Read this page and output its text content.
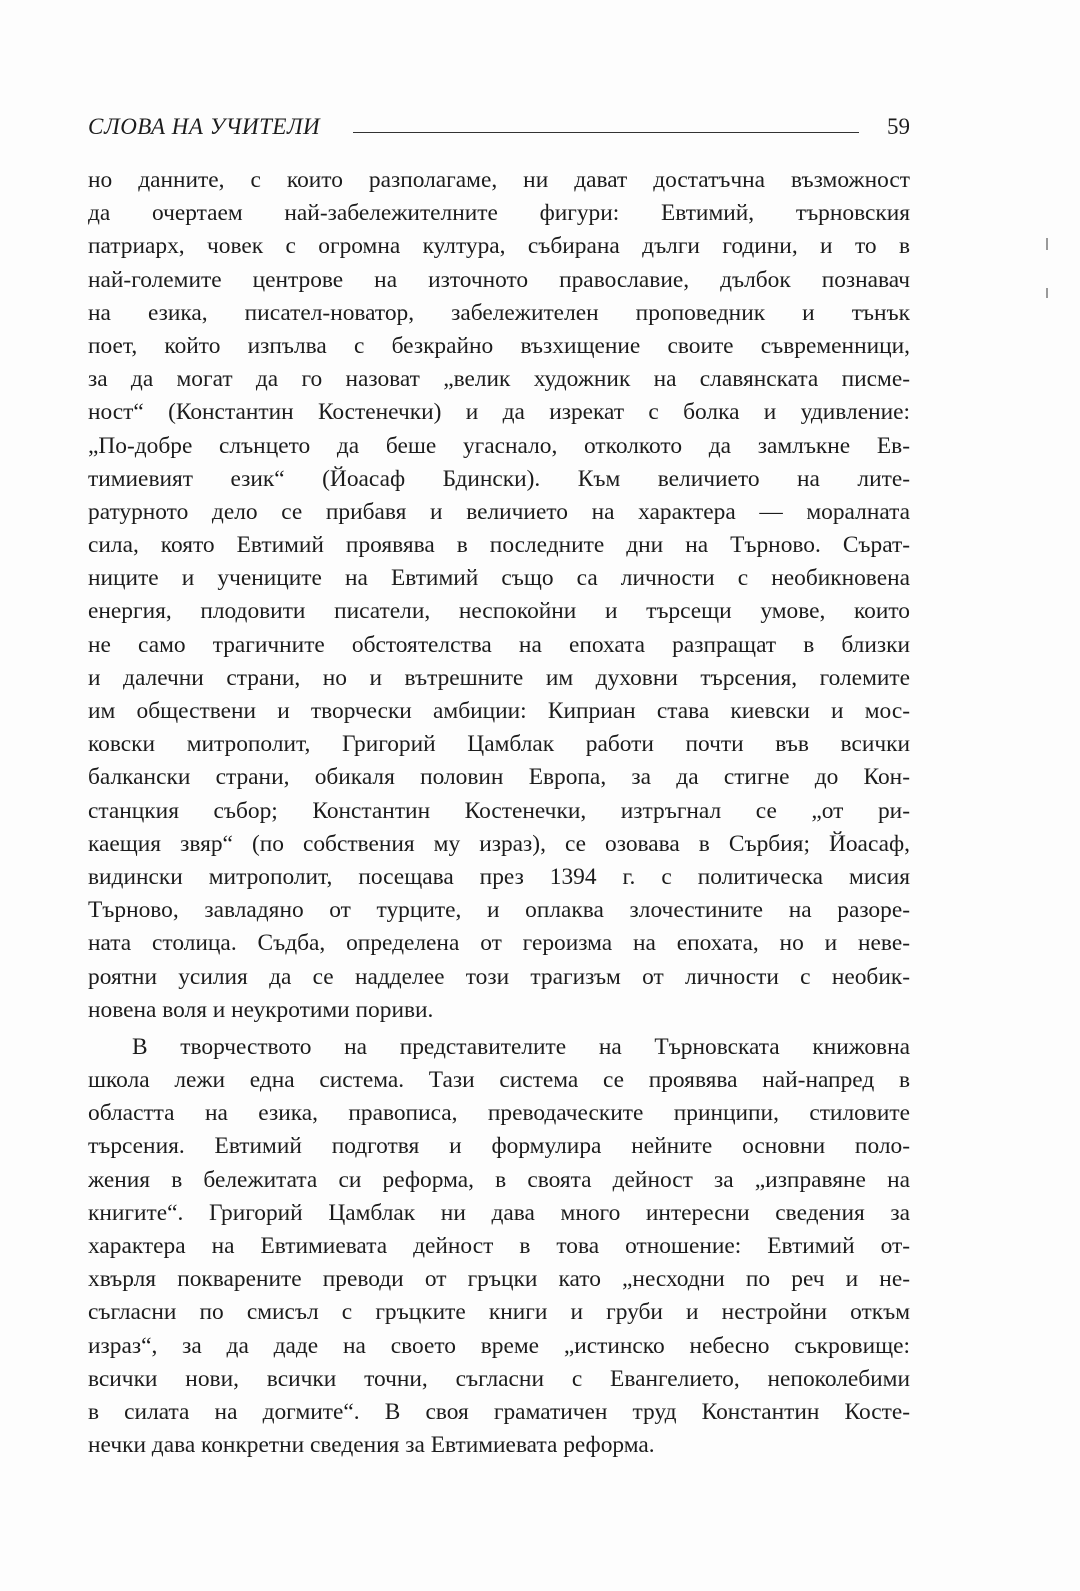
СЛОВА НА УЧИТЕЛИ	59
но данните, с които разполагаме, ни дават достатъчна възможност
да очертаем най-забележителните фигури: Евтимий, търновския
патриарх, човек с огромна култура, събирана дълги години, и то в
най-големите центрове на източното православие, дълбок познавач
на езика, писател-новатор, забележителен проповедник и тънък
поет, който изпълва с безкрайно възхищение своите съвременници,
за да могат да го назоват „велик художник на славянската писме-
ност“ (Константин Костенечки) и да изрекат с болка и удивление:
„По-добре слънцето да беше угаснало, отколкото да замлъкне Ев-
тимиевият език“ (Йоасаф Бдински). Към величието на лите-
ратурното дело се прибавя и величието на характера — моралната
сила, която Евтимий проявява в последните дни на Търново. Сърат-
ниците и учениците на Евтимий също са личности с необикновена
енергия, плодовити писатели, неспокойни и търсещи умове, които
не само трагичните обстоятелства на епохата разпращат в близки
и далечни страни, но и вътрешните им духовни търсения, големите
им обществени и творчески амбиции: Киприан става киевски и мос-
ковски митрополит, Григорий Цамблак работи почти във всички
балкански страни, обикаля половин Европа, за да стигне до Кон-
станцкия събор; Константин Костенечки, изтръгнал се „от ри-
каещия звяр“ (по собствения му израз), се озовава в Сърбия; Йоасаф,
видински митрополит, посещава през 1394 г. с политическа мисия
Търново, завладяно от турците, и оплаква злочестините на разоре-
ната столица. Съдба, определена от героизма на епохата, но и неве-
роятни усилия да се надделее този трагизъм от личности с необик-
новена воля и неукротими пориви.
В творчеството на представителите на Търновската книжовна
школа лежи една система. Тази система се проявява най-напред в
областта на езика, правописа, преводаческите принципи, стиловите
търсения. Евтимий подготвя и формулира нейните основни поло-
жения в бележитата си реформа, в своята дейност за „изправяне на
книгите“. Григорий Цамблак ни дава много интересни сведения за
характера на Евтимиевата дейност в това отношение: Евтимий от-
хвърля покварените преводи от гръцки като „несходни по реч и не-
съгласни по смисъл с гръцките книги и груби и нестройни откъм
израз“, за да даде на своето време „истинско небесно съкровище:
всички нови, всички точни, съгласни с Евангелието, непоколебими
в силата на догмите“. В своя граматичен труд Константин Косте-
нечки дава конкретни сведения за Евтимиевата реформа.
